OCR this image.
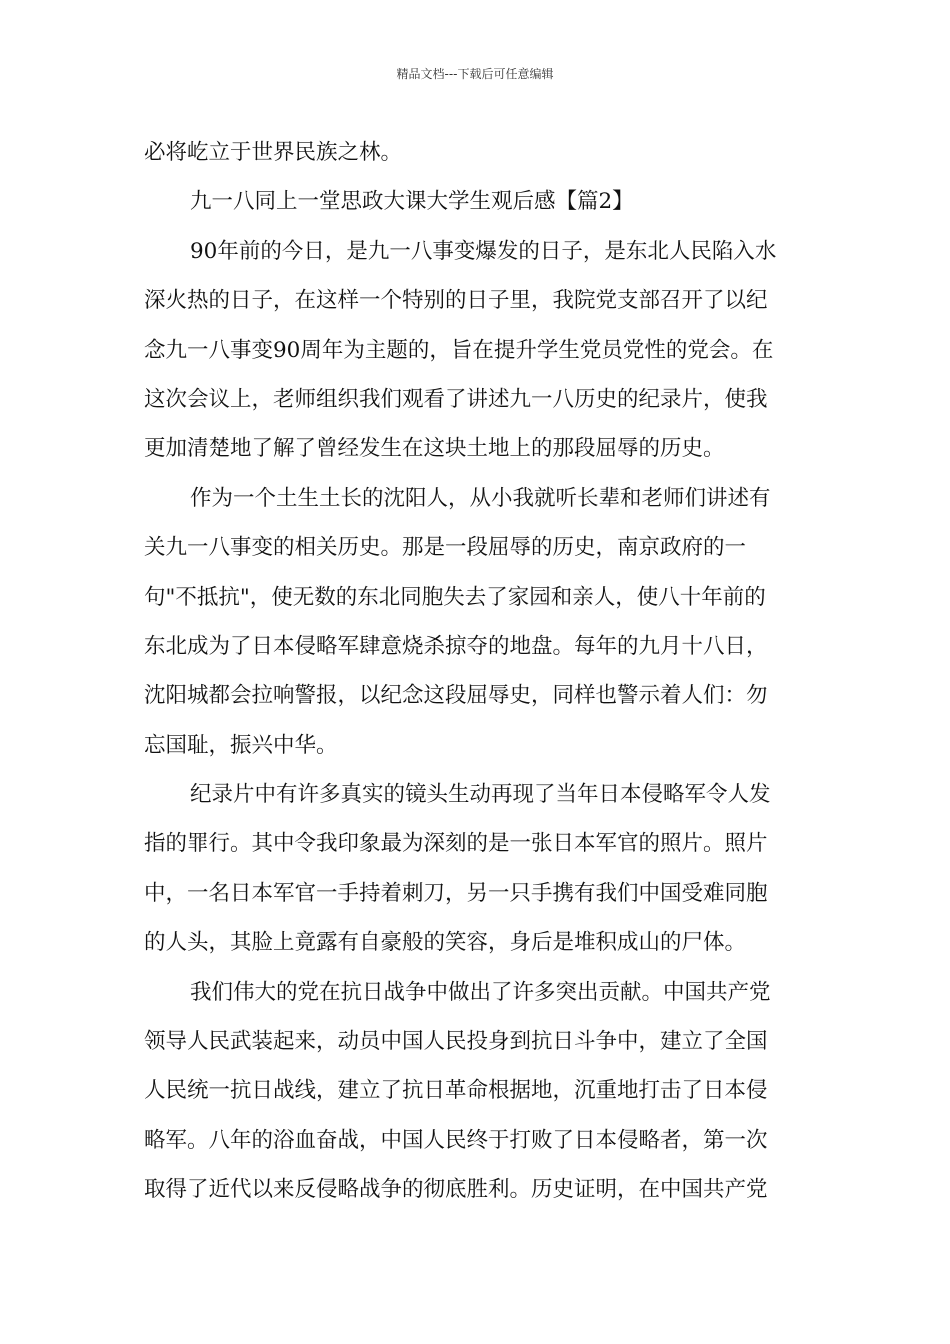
精品文档---下载后可任意编辑
必将屹立于世界民族之林。
九一八同上一堂思政大课大学生观后感【篇2】
90年前的今日，是九一八事变爆发的日子，是东北人民陷入水
深火热的日子，在这样一个特别的日子里，我院党支部召开了以纪
念九一八事变90周年为主题的，旨在提升学生党员党性的党会。在
这次会议上，老师组织我们观看了讲述九一八历史的纪录片，使我
更加清楚地了解了曾经发生在这块土地上的那段屈辱的历史。
作为一个土生土长的沈阳人，从小我就听长辈和老师们讲述有
关九一八事变的相关历史。那是一段屈辱的历史，南京政府的一
句"不抵抗"，使无数的东北同胞失去了家园和亲人，使八十年前的
东北成为了日本侵略军肆意烧杀掠夺的地盘。每年的九月十八日，
沈阳城都会拉响警报，以纪念这段屈辱史，同样也警示着人们：勿
忘国耻，振兴中华。
纪录片中有许多真实的镜头生动再现了当年日本侵略军令人发
指的罪行。其中令我印象最为深刻的是一张日本军官的照片。照片
中，一名日本军官一手持着刺刀，另一只手携有我们中国受难同胞
的人头，其脸上竟露有自豪般的笑容，身后是堆积成山的尸体。
我们伟大的党在抗日战争中做出了许多突出贡献。中国共产党
领导人民武装起来，动员中国人民投身到抗日斗争中，建立了全国
人民统一抗日战线，建立了抗日革命根据地，沉重地打击了日本侵
略军。八年的浴血奋战，中国人民终于打败了日本侵略者，第一次
取得了近代以来反侵略战争的彻底胜利。历史证明，在中国共产党
